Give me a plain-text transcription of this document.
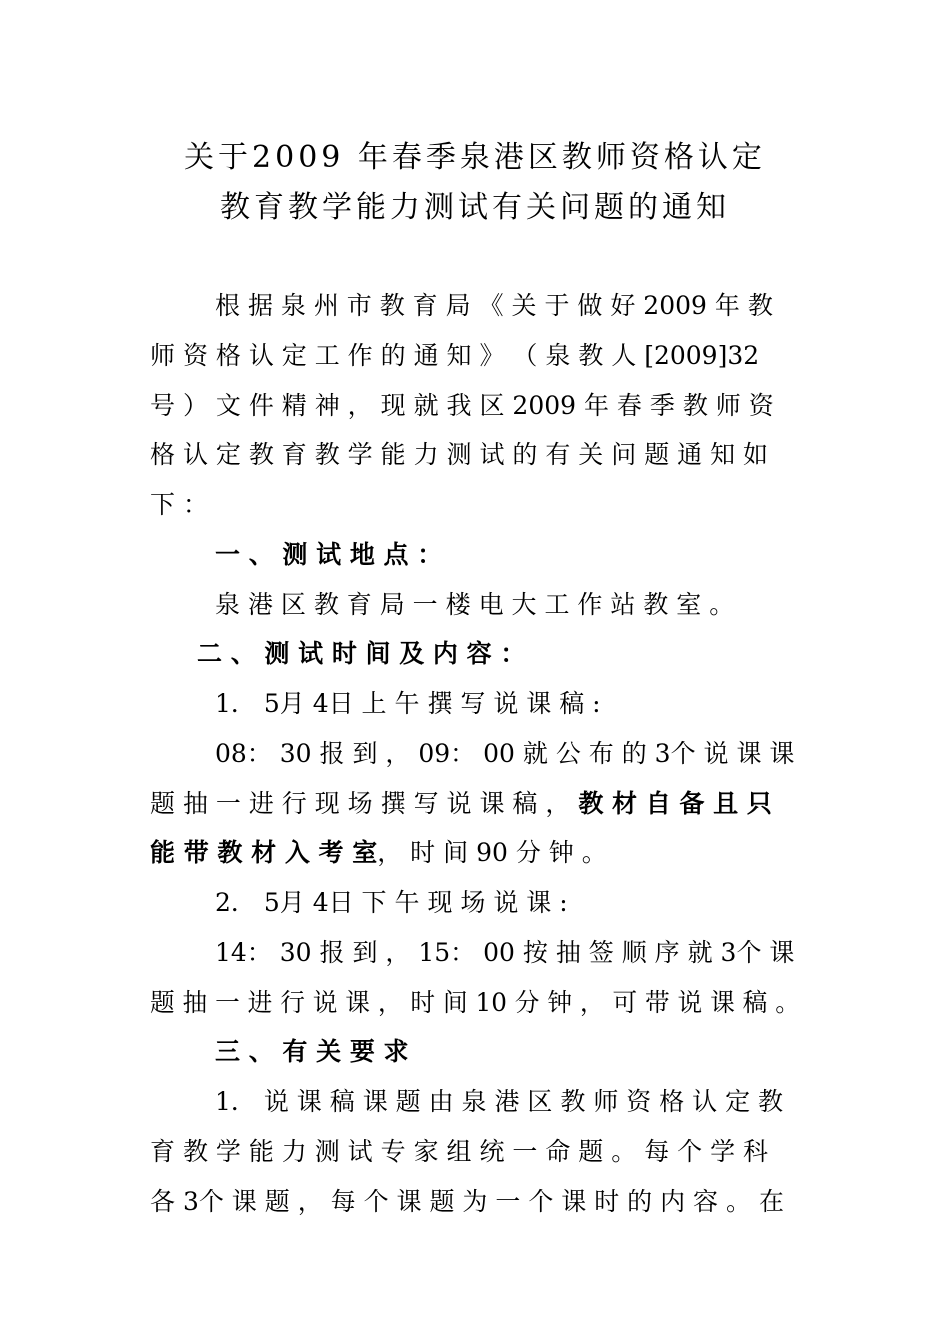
关于2009 年春季泉港区教师资格认定
教育教学能力测试有关问题的通知
根 据 泉 州 市 教 育 局 《 关 于 做 好 2009 年 教
师 资 格 认 定 工 作 的 通 知 》 （ 泉 教 人 [2009]32
号 ） 文 件 精 神 ， 现 就 我 区 2009 年 春 季 教 师 资
格 认 定 教 育 教 学 能 力 测 试 的 有 关 问 题 通 知 如
下 ：
一 、 测 试 地 点 ：
泉 港 区 教 育 局 一 楼 电 大 工 作 站 教 室 。
二 、 测 试 时 间 及 内 容 ：
1． 5月 4日 上 午 撰 写 说 课 稿 :
08： 30 报 到 ， 09： 00 就 公 布 的 3个 说 课 课
题 抽 一 进 行 现 场 撰 写 说 课 稿 ， 教 材 自 备 且 只
能 带 教 材 入 考 室， 时 间 90 分 钟 。
2． 5月 4日 下 午 现 场 说 课 :
14： 30 报 到 ， 15： 00 按 抽 签 顺 序 就 3个 课
题 抽 一 进 行 说 课 ， 时 间 10 分 钟 ， 可 带 说 课 稿 。
三 、 有 关 要 求
1． 说 课 稿 课 题 由 泉 港 区 教 师 资 格 认 定 教
育 教 学 能 力 测 试 专 家 组 统 一 命 题 。 每 个 学 科
各 3个 课 题 ， 每 个 课 题 为 一 个 课 时 的 内 容 。 在
